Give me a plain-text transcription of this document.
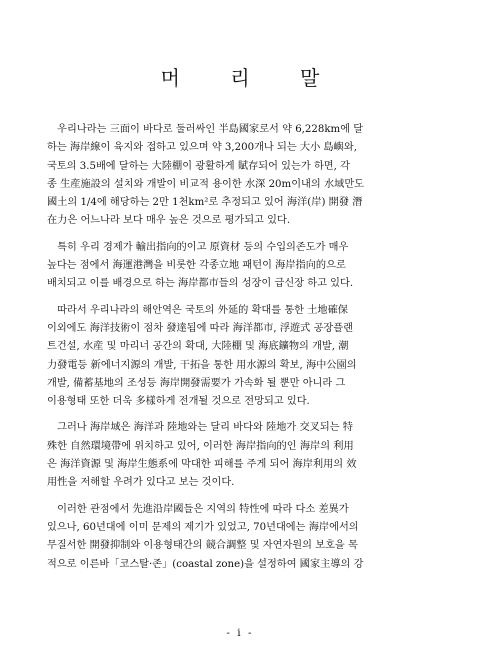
머 리 말
　우리나라는 三面이 바다로 둘러싸인 半島國家로서 약 6,228km에 달
하는 海岸線이 육지와 접하고 있으며 약 3,200개나 되는 大小 島嶼와,
국토의 3.5배에 달하는 大陸棚이 광활하게 賦存되어 있는가 하면, 각
종 生産施設의 설치와 개발이 비교적 용이한 水深 20m이내의 水域만도
國土의 1/4에 해당하는 2만 1천km²로 추정되고 있어 海洋(岸) 開發 潛
在力은 어느나라 보다 매우 높은 것으로 평가되고 있다.
　특히 우리 경제가 輸出指向的이고 原資材 등의 수입의존도가 매우
높다는 점에서 海運港灣을 비롯한 각종立地 패턴이 海岸指向的으로
배치되고 이를 배경으로 하는 海岸都市들의 성장이 급신장 하고 있다.
　따라서 우리나라의 해안역은 국토의 外延的 확대를 통한 土地確保
이외에도 海洋技術이 점차 發達됨에 따라 海洋都市, 浮遊式 공장플랜
트건설, 水産 및 마리너 공간의 확대, 大陸棚 및 海底鑛物의 개발, 潮
力發電등 新에너지源의 개발, 干拓을 통한 用水源의 확보, 海中公園의
개발, 備蓄基地의 조성등 海岸開發需要가 가속화 될 뿐만 아니라 그
이용형태 또한 더욱 多樣하게 전개될 것으로 전망되고 있다.
　그러나 海岸域은 海洋과 陸地와는 달리 바다와 陸地가 交叉되는 特
殊한 自然環境帶에 위치하고 있어, 이러한 海岸指向的인 海岸의 利用
은 海洋資源 및 海岸生態系에 막대한 피해를 주게 되어 海岸利用의 效
用性을 저해할 우려가 있다고 보는 것이다.
　이러한 관점에서 先進沿岸國들은 지역의 特性에 따라 다소 差異가
있으나, 60년대에 이미 문제의 제기가 있었고, 70년대에는 海岸에서의
무질서한 開發抑制와 이용형태간의 競合調整 및 자연자원의 보호을 목
적으로 이른바「코스탈·존」(coastal zone)을 설정하여 國家主導의 강
- i -
